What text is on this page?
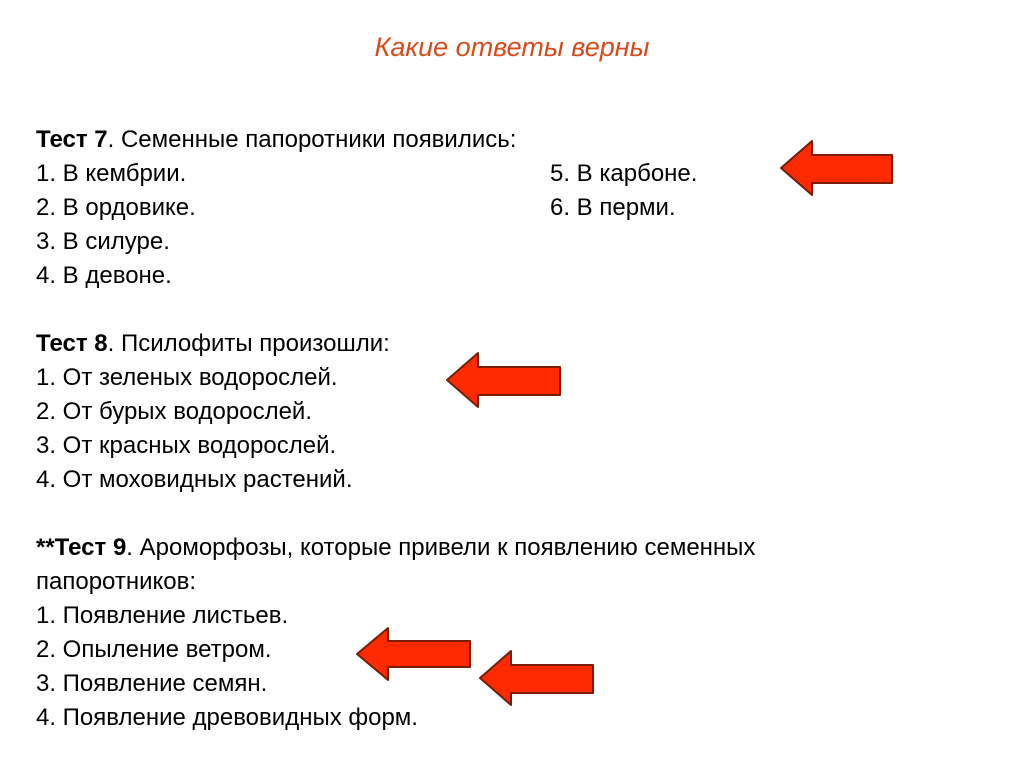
Какие ответы верны
Тест 7. Семенные папоротники появились:
1. В кембрии.
2. В ордовике.
3. В силуре.
4. В девоне.
5. В карбоне.
6. В перми.
Тест 8. Псилофиты произошли:
1. От зеленых водорослей.
2. От бурых водорослей.
3. От красных водорослей.
4. От моховидных растений.
**Тест 9. Ароморфозы, которые привели к появлению семенных
папоротников:
1. Появление листьев.
2. Опыление ветром.
3. Появление семян.
4. Появление древовидных форм.
